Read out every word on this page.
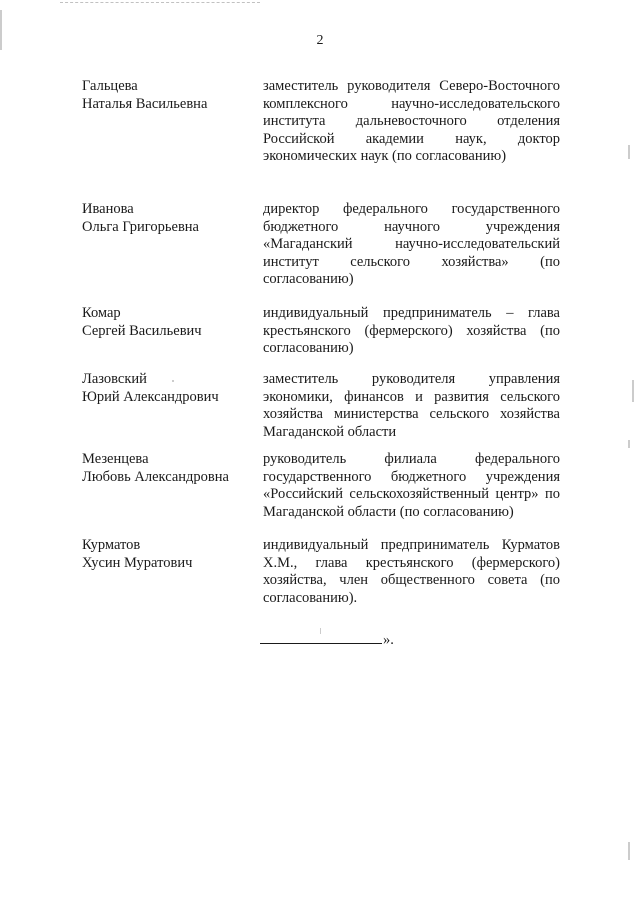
2
Гальцева
Наталья Васильевна
заместитель руководителя Северо-Восточного комплексного научно-исследовательского института дальневосточного отделения Российской академии наук, доктор экономических наук (по согласованию)
Иванова
Ольга Григорьевна
директор федерального государственного бюджетного научного учреждения «Магаданский научно-исследовательский институт сельского хозяйства» (по согласованию)
Комар
Сергей Васильевич
индивидуальный предприниматель – глава крестьянского (фермерского) хозяйства (по согласованию)
Лазовский
Юрий Александрович
заместитель руководителя управления экономики, финансов и развития сельского хозяйства министерства сельского хозяйства Магаданской области
Мезенцева
Любовь Александровна
руководитель филиала федерального государственного бюджетного учреждения «Российский сельскохозяйственный центр» по Магаданской области (по согласованию)
Курматов
Хусин Муратович
индивидуальный предприниматель Курматов Х.М., глава крестьянского (фермерского) хозяйства, член общественного совета (по согласованию).
».
